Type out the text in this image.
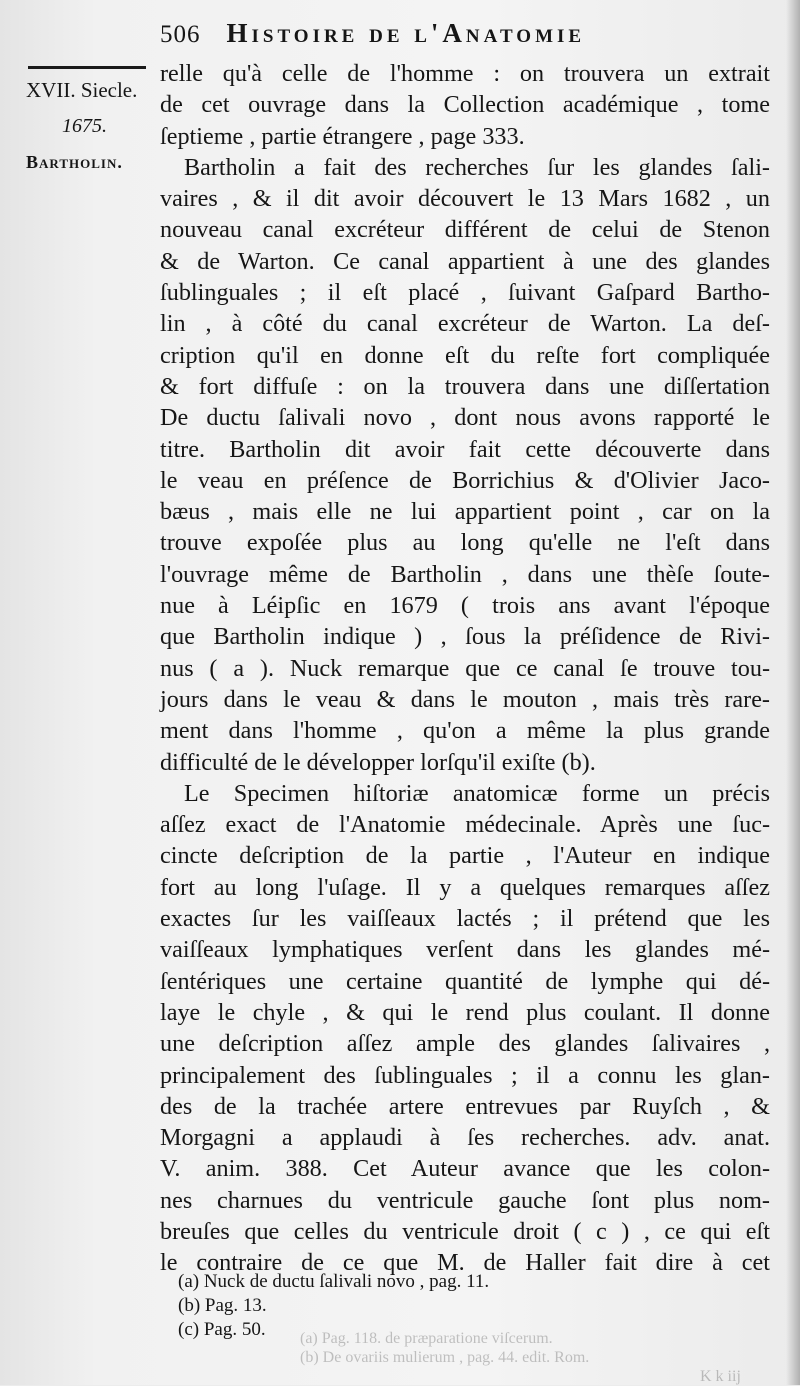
506 Histoire de l'Anatomie
XVII. Siecle.
1675.
Bartholin.
relle qu'à celle de l'homme : on trouvera un extrait
de cet ouvrage dans la Collection académique , tome
ſeptieme , partie étrangere , page 333.
Bartholin a fait des recherches ſur les glandes ſali-
vaires , & il dit avoir découvert le 13 Mars 1682 , un
nouveau canal excréteur différent de celui de Stenon
& de Warton. Ce canal appartient à une des glandes
ſublinguales ; il eſt placé , ſuivant Gaſpard Bartho-
lin , à côté du canal excréteur de Warton. La deſ-
cription qu'il en donne eſt du reſte fort compliquée
& fort diffuſe : on la trouvera dans une diſſertation
De ductu ſalivali novo , dont nous avons rapporté le
titre. Bartholin dit avoir fait cette découverte dans
le veau en préſence de Borrichius & d'Olivier Jaco-
bæus , mais elle ne lui appartient point , car on la
trouve expoſée plus au long qu'elle ne l'eſt dans
l'ouvrage même de Bartholin , dans une thèſe ſoute-
nue à Léipſic en 1679 ( trois ans avant l'époque
que Bartholin indique ) , ſous la préſidence de Rivi-
nus ( a ). Nuck remarque que ce canal ſe trouve tou-
jours dans le veau & dans le mouton , mais très rare-
ment dans l'homme , qu'on a même la plus grande
difficulté de le développer lorſqu'il exiſte (b).
Le Specimen hiſtoriæ anatomicæ forme un précis
aſſez exact de l'Anatomie médecinale. Après une ſuc-
cincte deſcription de la partie , l'Auteur en indique
fort au long l'uſage. Il y a quelques remarques aſſez
exactes ſur les vaiſſeaux lactés ; il prétend que les
vaiſſeaux lymphatiques verſent dans les glandes mé-
ſentériques une certaine quantité de lymphe qui dé-
laye le chyle , & qui le rend plus coulant. Il donne
une deſcription aſſez ample des glandes ſalivaires ,
principalement des ſublinguales ; il a connu les glan-
des de la trachée artere entrevues par Ruyſch , &
Morgagni a applaudi à ſes recherches. adv. anat.
V. anim. 388. Cet Auteur avance que les colon-
nes charnues du ventricule gauche ſont plus nom-
breuſes que celles du ventricule droit ( c ) , ce qui eſt
le contraire de ce que M. de Haller fait dire à cet
(a) Nuck de ductu ſalivali novo , pag. 11.
(b) Pag. 13.
(c) Pag. 50.	(a) Pag. 118. de præparatione viſcerum.
(b) De ovariis mulierum , pag. 44. edit. Rom.
K k iij
